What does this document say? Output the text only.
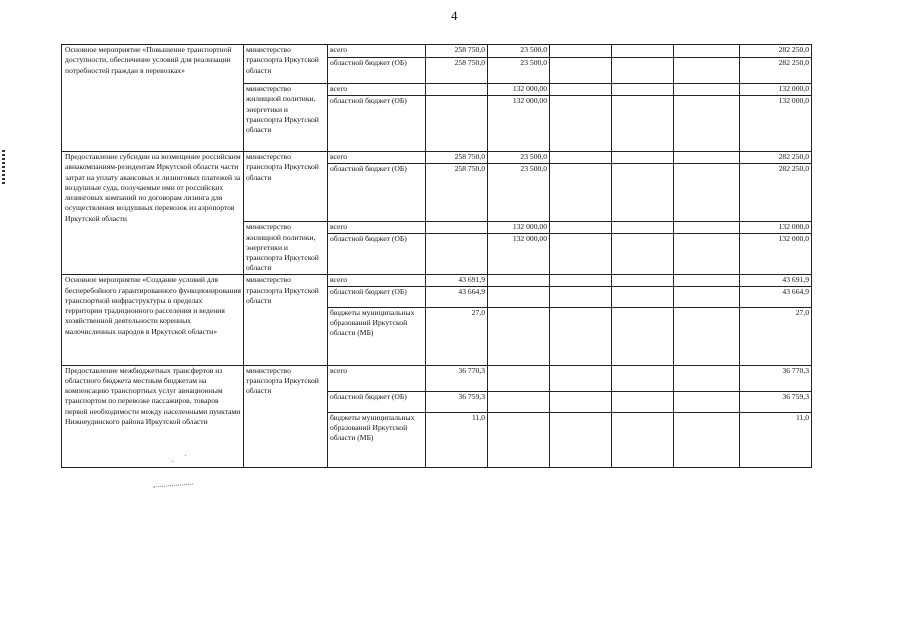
4
Основное мероприятие «Повышение транспортной доступности, обеспечение условий для реализации потребностей граждан в перевозках»	министерство транспорта Иркутской области	всего	258 750,0	23 500,0				282 250,0
		областной бюджет (ОБ)	258 750,0	23 500,0				282 250,0
	министерство жилищной политики, энергетики и транспорта Иркутской области	всего		132 000,00				132 000,0
		областной бюджет (ОБ)		132 000,00				132 000,0
Предоставление субсидии на возмещение российским авиакомпаниям-резидентам Иркутской области части затрат на уплату авансовых и лизинговых платежей за воздушные суда, получаемые ими от российских лизинговых компаний по договорам лизинга для осуществления воздушных перевозок из аэропортов Иркутской области	министерство транспорта Иркутской области	всего	258 750,0	23 500,0				282 250,0
		областной бюджет (ОБ)	258 750,0	23 500,0				282 250,0
	министерство жилищной политики, энергетики и транспорта Иркутской области	всего		132 000,00				132 000,0
		областной бюджет (ОБ)		132 000,00				132 000,0
Основное мероприятие «Создание условий для бесперебойного гарантированного функционирования транспортной инфраструктуры в пределах территории традиционного расселения и ведения хозяйственной деятельности коренных малочисленных народов в Иркутской области»	министерство транспорта Иркутской области	всего	43 691,9					43 691,9
		областной бюджет (ОБ)	43 664,9					43 664,9
		бюджеты муниципальных образований Иркутской области (МБ)	27,0					27,0
Предоставление межбюджетных трансфертов из областного бюджета местным бюджетам на компенсацию транспортных услуг авиационным транспортом по перевозке пассажиров, товаров первой необходимости между населенными пунктами Нижнеудинского района Иркутской области	министерство транспорта Иркутской области	всего	36 770,3					36 770,3
		областной бюджет (ОБ)	36 759,3					36 759,3
		бюджеты муниципальных образований Иркутской области (МБ)	11,0					11,0
